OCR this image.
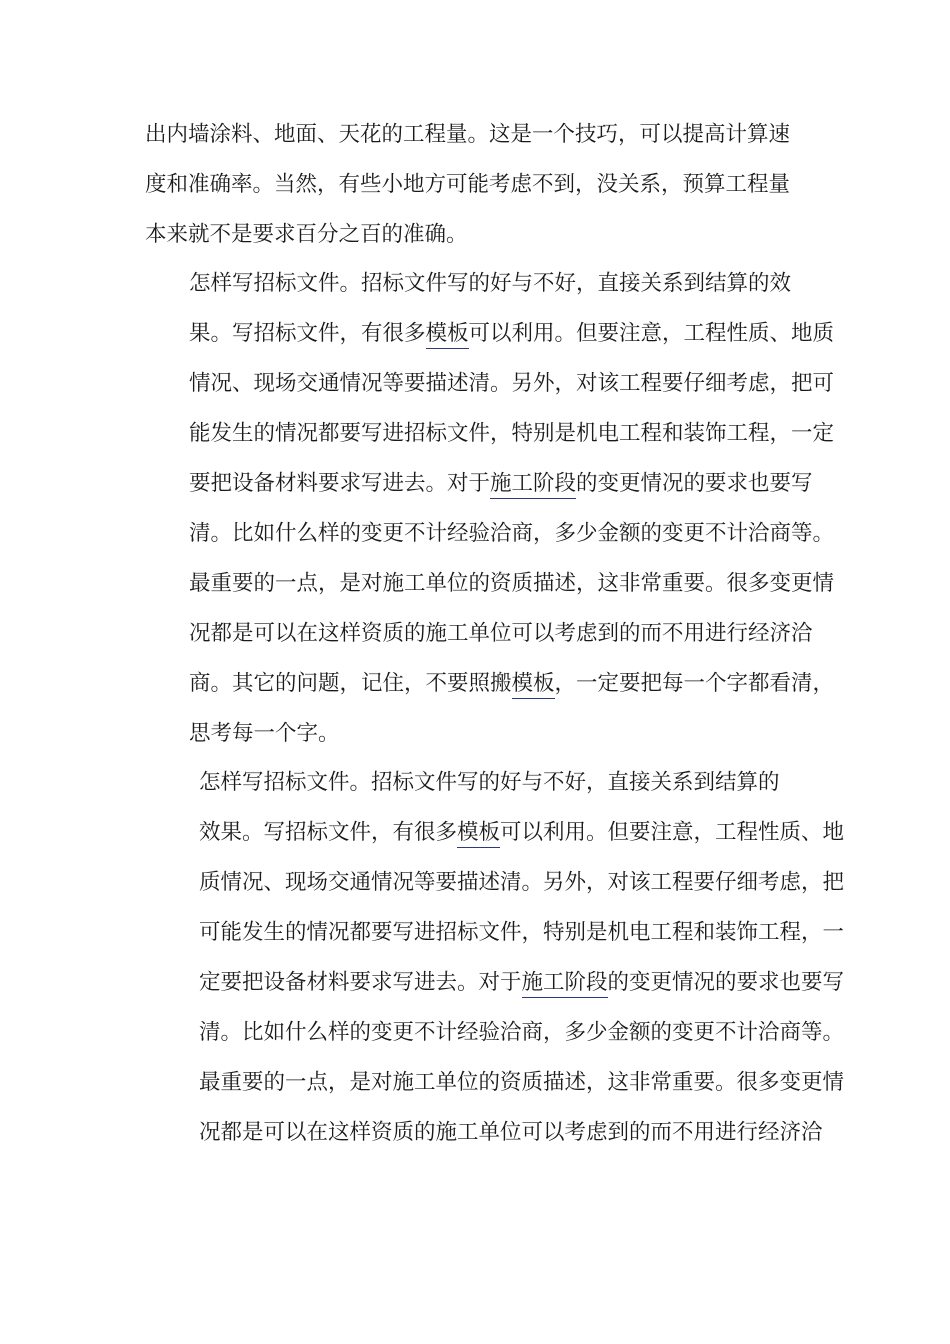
出内墙涂料、地面、天花的工程量。这是一个技巧，可以提高计算速
度和准确率。当然，有些小地方可能考虑不到，没关系，预算工程量
本来就不是要求百分之百的准确。
怎样写招标文件。招标文件写的好与不好，直接关系到结算的效
果。写招标文件，有很多模板可以利用。但要注意，工程性质、地质
情况、现场交通情况等要描述清。另外，对该工程要仔细考虑，把可
能发生的情况都要写进招标文件，特别是机电工程和装饰工程，一定
要把设备材料要求写进去。对于施工阶段的变更情况的要求也要写
清。比如什么样的变更不计经验洽商，多少金额的变更不计洽商等。
最重要的一点，是对施工单位的资质描述，这非常重要。很多变更情
况都是可以在这样资质的施工单位可以考虑到的而不用进行经济洽
商。其它的问题，记住，不要照搬模板，一定要把每一个字都看清，
思考每一个字。
怎样写招标文件。招标文件写的好与不好，直接关系到结算的
效果。写招标文件，有很多模板可以利用。但要注意，工程性质、地
质情况、现场交通情况等要描述清。另外，对该工程要仔细考虑，把
可能发生的情况都要写进招标文件，特别是机电工程和装饰工程，一
定要把设备材料要求写进去。对于施工阶段的变更情况的要求也要写
清。比如什么样的变更不计经验洽商，多少金额的变更不计洽商等。
最重要的一点，是对施工单位的资质描述，这非常重要。很多变更情
况都是可以在这样资质的施工单位可以考虑到的而不用进行经济洽
